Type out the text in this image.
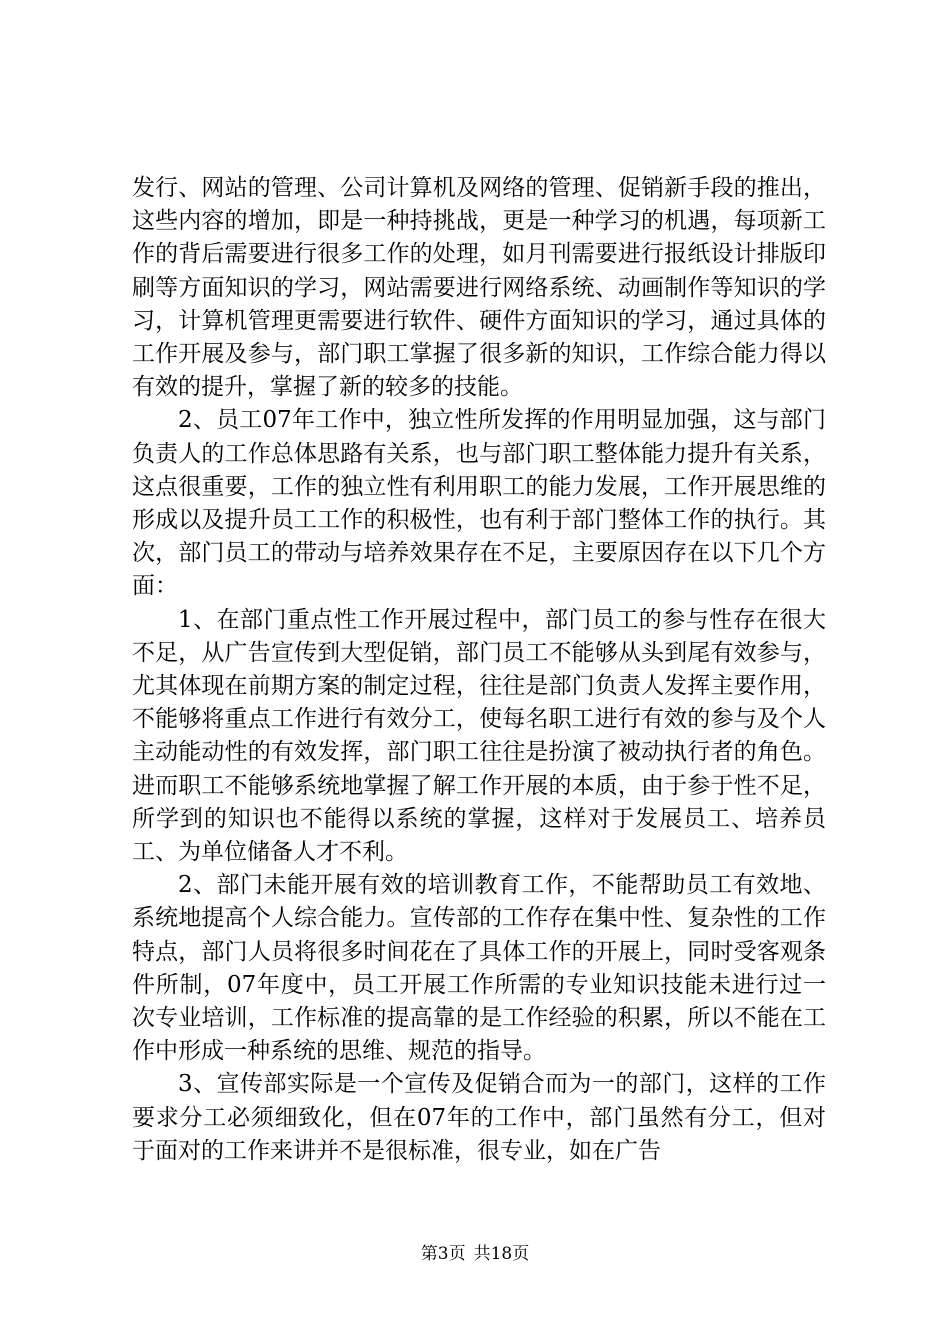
发行、网站的管理、公司计算机及网络的管理、促销新手段的推出，这些内容的增加，即是一种持挑战，更是一种学习的机遇，每项新工作的背后需要进行很多工作的处理，如月刊需要进行报纸设计排版印刷等方面知识的学习，网站需要进行网络系统、动画制作等知识的学习，计算机管理更需要进行软件、硬件方面知识的学习，通过具体的工作开展及参与，部门职工掌握了很多新的知识，工作综合能力得以有效的提升，掌握了新的较多的技能。

2、员工07年工作中，独立性所发挥的作用明显加强，这与部门负责人的工作总体思路有关系，也与部门职工整体能力提升有关系，这点很重要，工作的独立性有利用职工的能力发展，工作开展思维的形成以及提升员工工作的积极性，也有利于部门整体工作的执行。其次，部门员工的带动与培养效果存在不足，主要原因存在以下几个方面：

1、在部门重点性工作开展过程中，部门员工的参与性存在很大不足，从广告宣传到大型促销，部门员工不能够从头到尾有效参与，尤其体现在前期方案的制定过程，往往是部门负责人发挥主要作用，不能够将重点工作进行有效分工，使每名职工进行有效的参与及个人主动能动性的有效发挥，部门职工往往是扮演了被动执行者的角色。进而职工不能够系统地掌握了解工作开展的本质，由于参于性不足，所学到的知识也不能得以系统的掌握，这样对于发展员工、培养员工、为单位储备人才不利。

2、部门未能开展有效的培训教育工作，不能帮助员工有效地、系统地提高个人综合能力。宣传部的工作存在集中性、复杂性的工作特点，部门人员将很多时间花在了具体工作的开展上，同时受客观条件所制，07年度中，员工开展工作所需的专业知识技能未进行过一次专业培训，工作标准的提高靠的是工作经验的积累，所以不能在工作中形成一种系统的思维、规范的指导。

3、宣传部实际是一个宣传及促销合而为一的部门，这样的工作要求分工必须细致化，但在07年的工作中，部门虽然有分工，但对于面对的工作来讲并不是很标准，很专业，如在广告

第3页 共18页
